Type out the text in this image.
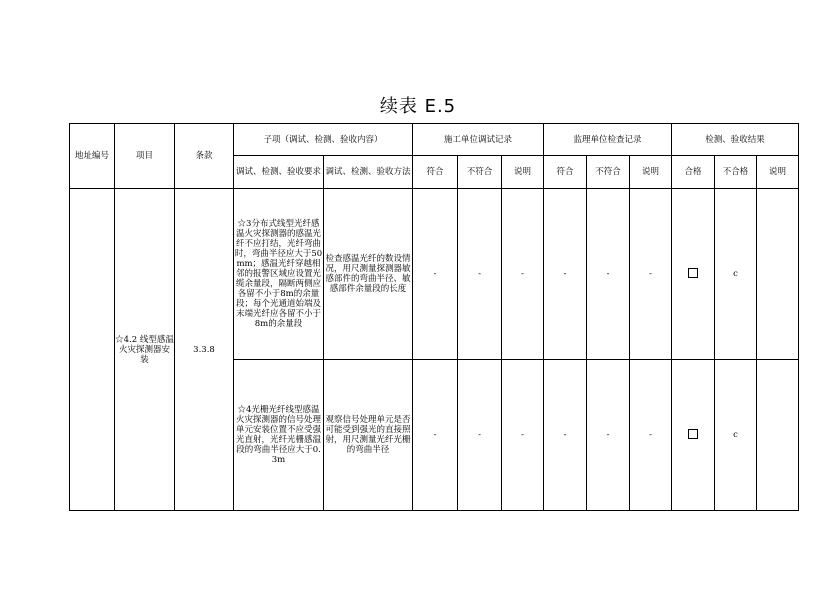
续表 E.5
地址编号	项目	条款	子项（调试、检测、验收内容）		施工单位调试记录			监理单位检查记录			检测、验收结果		
			调试、检测、验收要求	调试、检测、验收方法	符合	不符合	说明	符合	不符合	说明	合格	不合格	说明
	☆4.2 线型感温火灾探测器安装	3.3.8	☆3分布式线型光纤感温火灾探测器的感温光纤不应打结，光纤弯曲时，弯曲半径应大于50mm；感温光纤穿越相邻的报警区域应设置光缆余量段，隔断两侧应各留不小于8m的余量段；每个光通道始端及末端光纤应各留不小于8m的余量段	检查感温光纤的数设情况，用尺测量探测器敏感部件的弯曲半径、敏感部件余量段的长度	-	-	-	-	-	-		c	
			☆4光栅光纤线型感温火灾探测器的信号处理单元安装位置不应受强光直射，光纤光栅感温段的弯曲半径应大于0.3m	观察信号处理单元是否可能受到强光的直接照射，用尺测量光纤光栅的弯曲半径	-	-	-	-	-	-		c	
